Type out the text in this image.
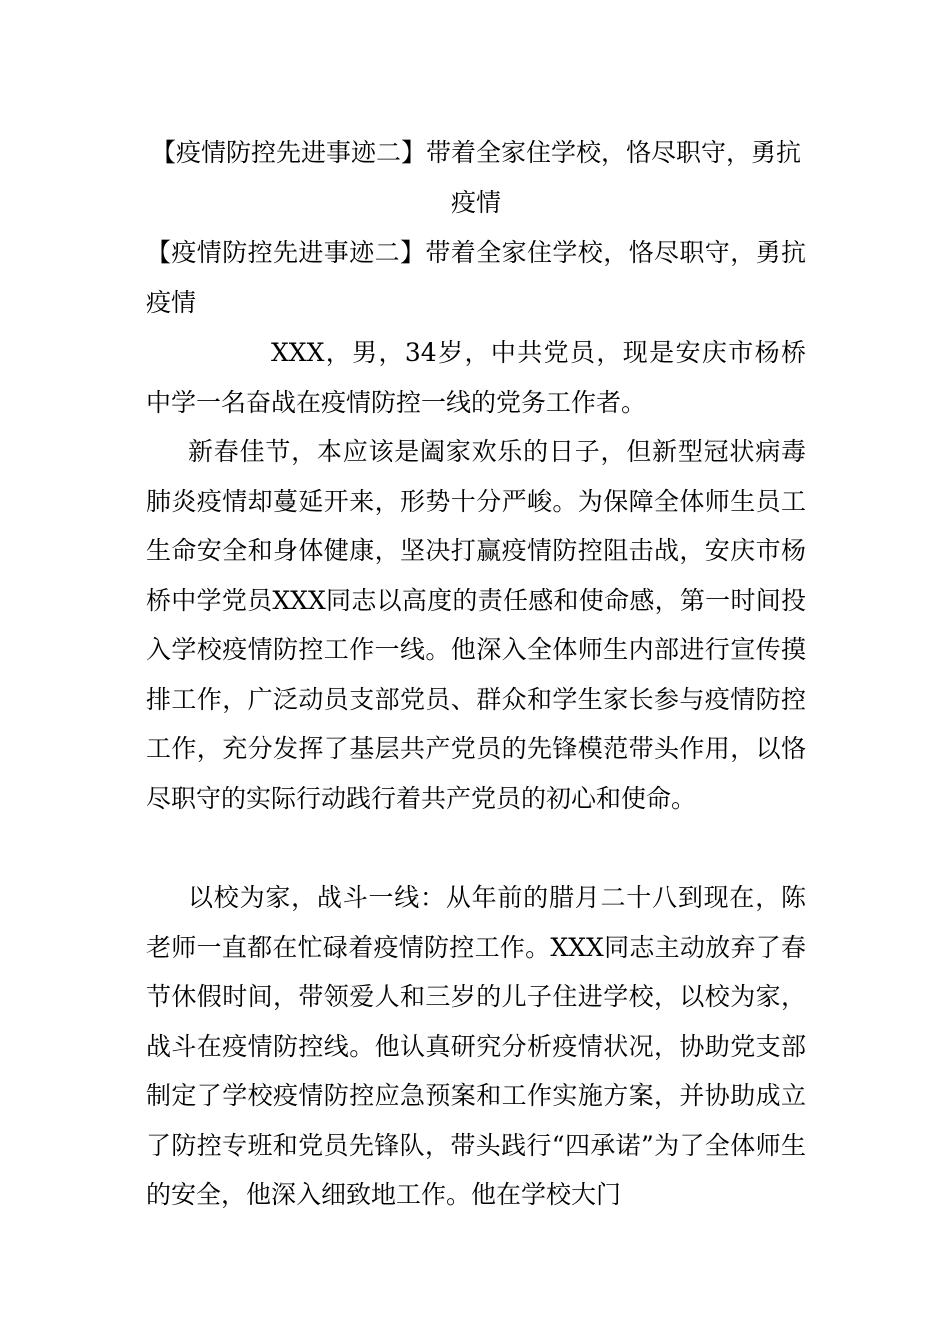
【疫情防控先进事迹二】带着全家住学校，恪尽职守，勇抗疫情

【疫情防控先进事迹二】带着全家住学校，恪尽职守，勇抗疫情

XXX，男，34岁，中共党员，现是安庆市杨桥中学一名奋战在疫情防控一线的党务工作者。

新春佳节，本应该是阖家欢乐的日子，但新型冠状病毒肺炎疫情却蔓延开来，形势十分严峻。为保障全体师生员工生命安全和身体健康，坚决打赢疫情防控阻击战，安庆市杨桥中学党员XXX同志以高度的责任感和使命感，第一时间投入学校疫情防控工作一线。他深入全体师生内部进行宣传摸排工作，广泛动员支部党员、群众和学生家长参与疫情防控工作，充分发挥了基层共产党员的先锋模范带头作用，以恪尽职守的实际行动践行着共产党员的初心和使命。

以校为家，战斗一线：从年前的腊月二十八到现在，陈老师一直都在忙碌着疫情防控工作。XXX同志主动放弃了春节休假时间，带领爱人和三岁的儿子住进学校，以校为家，战斗在疫情防控线。他认真研究分析疫情状况，协助党支部制定了学校疫情防控应急预案和工作实施方案，并协助成立了防控专班和党员先锋队，带头践行“四承诺”为了全体师生的安全，他深入细致地工作。他在学校大门
